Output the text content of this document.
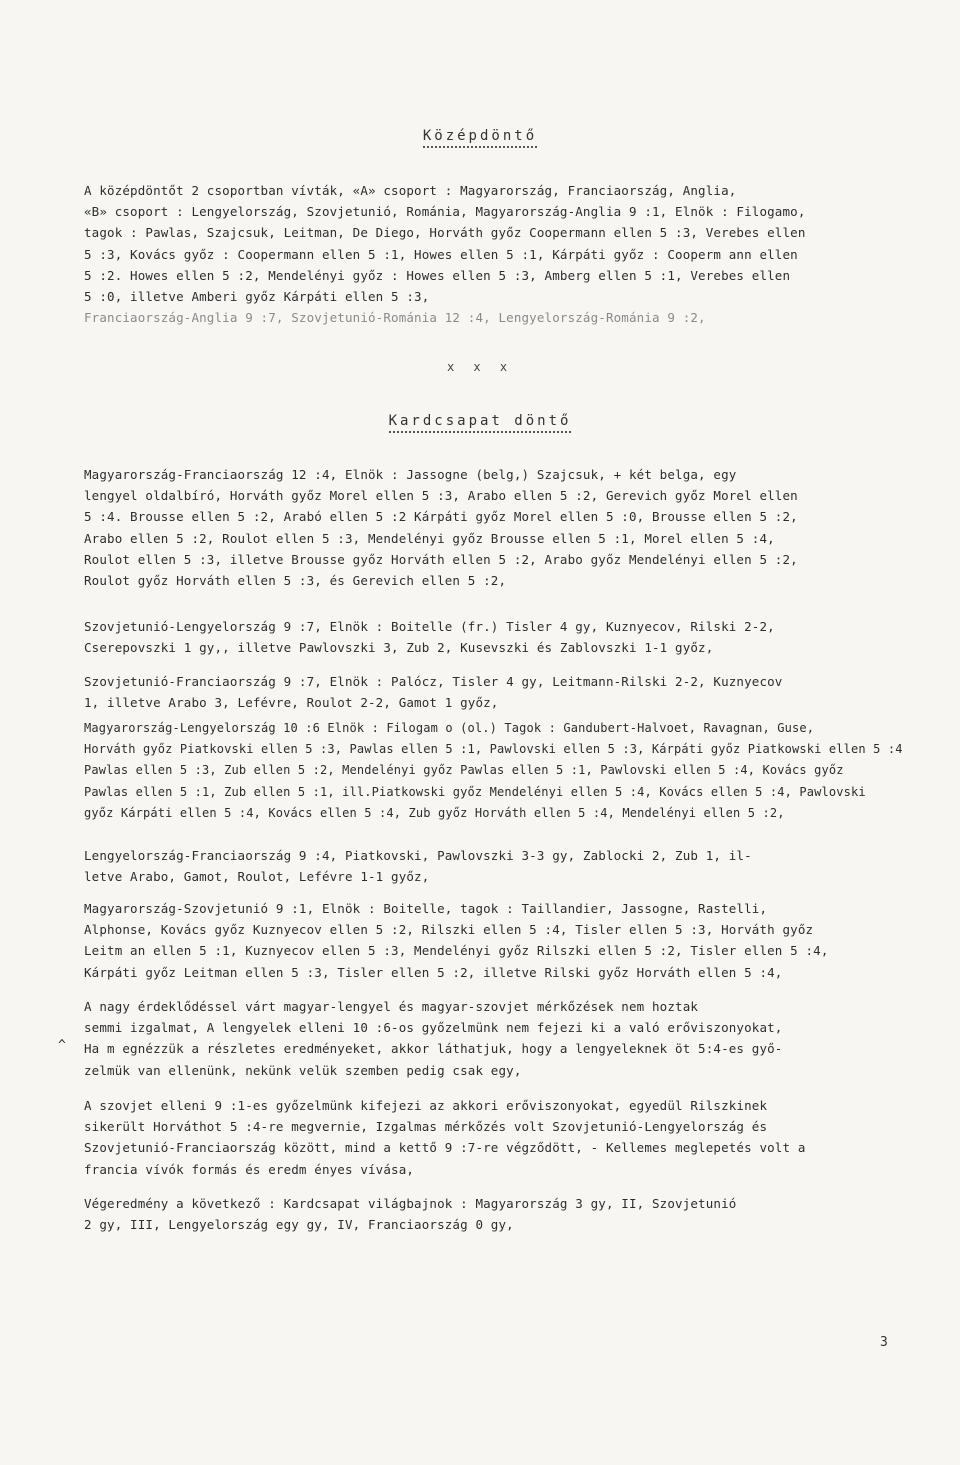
Középdöntő
A középdöntőt 2 csoportban vívták, «A» csoport : Magyarország, Franciaország, Anglia,
«B» csoport : Lengyelország, Szovjetunió, Románia, Magyarország-Anglia 9 :1, Elnök : Filogamo,
tagok : Pawlas, Szajcsuk, Leitman, De Diego, Horváth győz Coopermann ellen 5 :3, Verebes ellen
5 :3, Kovács győz : Coopermann ellen 5 :1, Howes ellen 5 :1, Kárpáti győz : Cooperm ann ellen
5 :2. Howes ellen 5 :2, Mendelényi győz : Howes ellen 5 :3, Amberg ellen 5 :1, Verebes ellen
5 :0, illetve Amberi győz Kárpáti ellen 5 :3,
Franciaország-Anglia 9 :7, Szovjetunió-Románia 12 :4, Lengyelország-Románia 9 :2,
x x x
Kardcsapat döntő
Magyarország-Franciaország 12 :4, Elnök : Jassogne (belg,) Szajcsuk, + két belga, egy
lengyel oldalbíró, Horváth győz Morel ellen 5 :3, Arabo ellen 5 :2, Gerevich győz Morel ellen
5 :4. Brousse ellen 5 :2, Arabó ellen 5 :2 Kárpáti győz Morel ellen 5 :0, Brousse ellen 5 :2,
Arabo ellen 5 :2, Roulot ellen 5 :3, Mendelényi győz Brousse ellen 5 :1, Morel ellen 5 :4,
Roulot ellen 5 :3, illetve Brousse győz Horváth ellen 5 :2, Arabo győz Mendelényi ellen 5 :2,
Roulot győz Horváth ellen 5 :3, és Gerevich ellen 5 :2,
Szovjetunió-Lengyelország 9 :7, Elnök : Boitelle (fr.) Tisler 4 gy, Kuznyecov, Rilski 2-2,
Cserepovszki 1 gy,, illetve Pawlovszki 3, Zub 2, Kusevszki és Zablovszki 1-1 győz,
Szovjetunió-Franciaország 9 :7, Elnök : Palócz, Tisler 4 gy, Leitmann-Rilski 2-2, Kuznyecov
1, illetve Arabo 3, Lefévre, Roulot 2-2, Gamot 1 győz,
Magyarország-Lengyelország 10 :6 Elnök : Filogam o (ol.) Tagok : Gandubert-Halvoet, Ravagnan, Guse,
Horváth győz Piatkovski ellen 5 :3, Pawlas ellen 5 :1, Pawlovski ellen 5 :3, Kárpáti győz Piatkowski ellen 5 :4
Pawlas ellen 5 :3, Zub ellen 5 :2, Mendelényi győz Pawlas ellen 5 :1, Pawlovski ellen 5 :4, Kovács győz
Pawlas ellen 5 :1, Zub ellen 5 :1, ill.Piatkowski győz Mendelényi ellen 5 :4, Kovács ellen 5 :4, Pawlovski
győz Kárpáti ellen 5 :4, Kovács ellen 5 :4, Zub győz Horváth ellen 5 :4, Mendelényi ellen 5 :2,
Lengyelország-Franciaország 9 :4, Piatkovski, Pawlovszki 3-3 gy, Zablocki 2, Zub 1, il-
letve Arabo, Gamot, Roulot, Lefévre 1-1 győz,
Magyarország-Szovjetunió 9 :1, Elnök : Boitelle, tagok : Taillandier, Jassogne, Rastelli,
Alphonse, Kovács győz Kuznyecov ellen 5 :2, Rilszki ellen 5 :4, Tisler ellen 5 :3, Horváth győz
Leitm an ellen 5 :1, Kuznyecov ellen 5 :3, Mendelényi győz Rilszki ellen 5 :2, Tisler ellen 5 :4,
Kárpáti győz Leitman ellen 5 :3, Tisler ellen 5 :2, illetve Rilski győz Horváth ellen 5 :4,
A nagy érdeklődéssel várt magyar-lengyel és magyar-szovjet mérkőzések nem hoztak
semmi izgalmat, A lengyelek elleni 10 :6-os győzelmünk nem fejezi ki a való erőviszonyokat,
Ha m egnézzük a részletes eredményeket, akkor láthatjuk, hogy a lengyeleknek öt 5:4-es győ-
zelmük van ellenünk, nekünk velük szemben pedig csak egy,
A szovjet elleni 9 :1-es győzelmünk kifejezi az akkori erőviszonyokat, egyedül Rilszkinek
sikerült Horváthot 5 :4-re megvernie, Izgalmas mérkőzés volt Szovjetunió-Lengyelország és
Szovjetunió-Franciaország között, mind a kettő 9 :7-re végződött, - Kellemes meglepetés volt a
francia vívók formás és eredm ényes vívása,
Végeredmény a következő : Kardcsapat világbajnok : Magyarország 3 gy, II, Szovjetunió
2 gy, III, Lengyelország egy gy, IV, Franciaország 0 gy,
^
3
